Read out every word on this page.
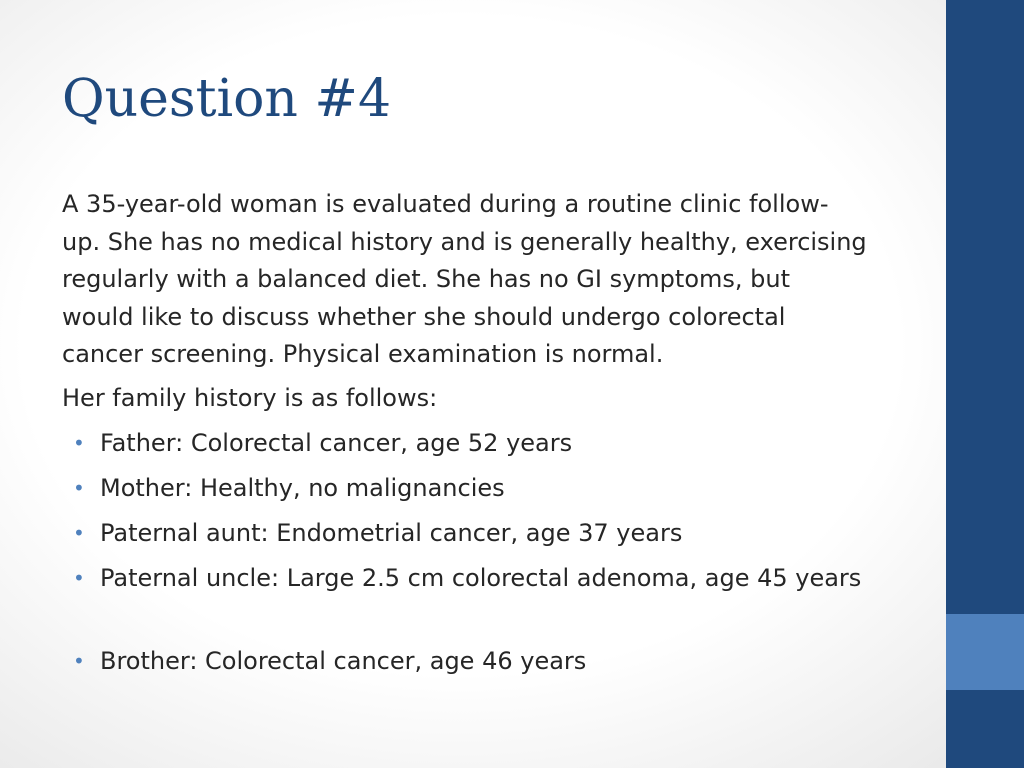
Question #4

A 35-year-old woman is evaluated during a routine clinic follow-
up. She has no medical history and is generally healthy, exercising
regularly with a balanced diet. She has no GI symptoms, but
would like to discuss whether she should undergo colorectal
cancer screening. Physical examination is normal.

Her family history is as follows:

• Father: Colorectal cancer, age 52 years
• Mother: Healthy, no malignancies
• Paternal aunt: Endometrial cancer, age 37 years
• Paternal uncle: Large 2.5 cm colorectal adenoma, age 45 years
• Brother: Colorectal cancer, age 46 years
